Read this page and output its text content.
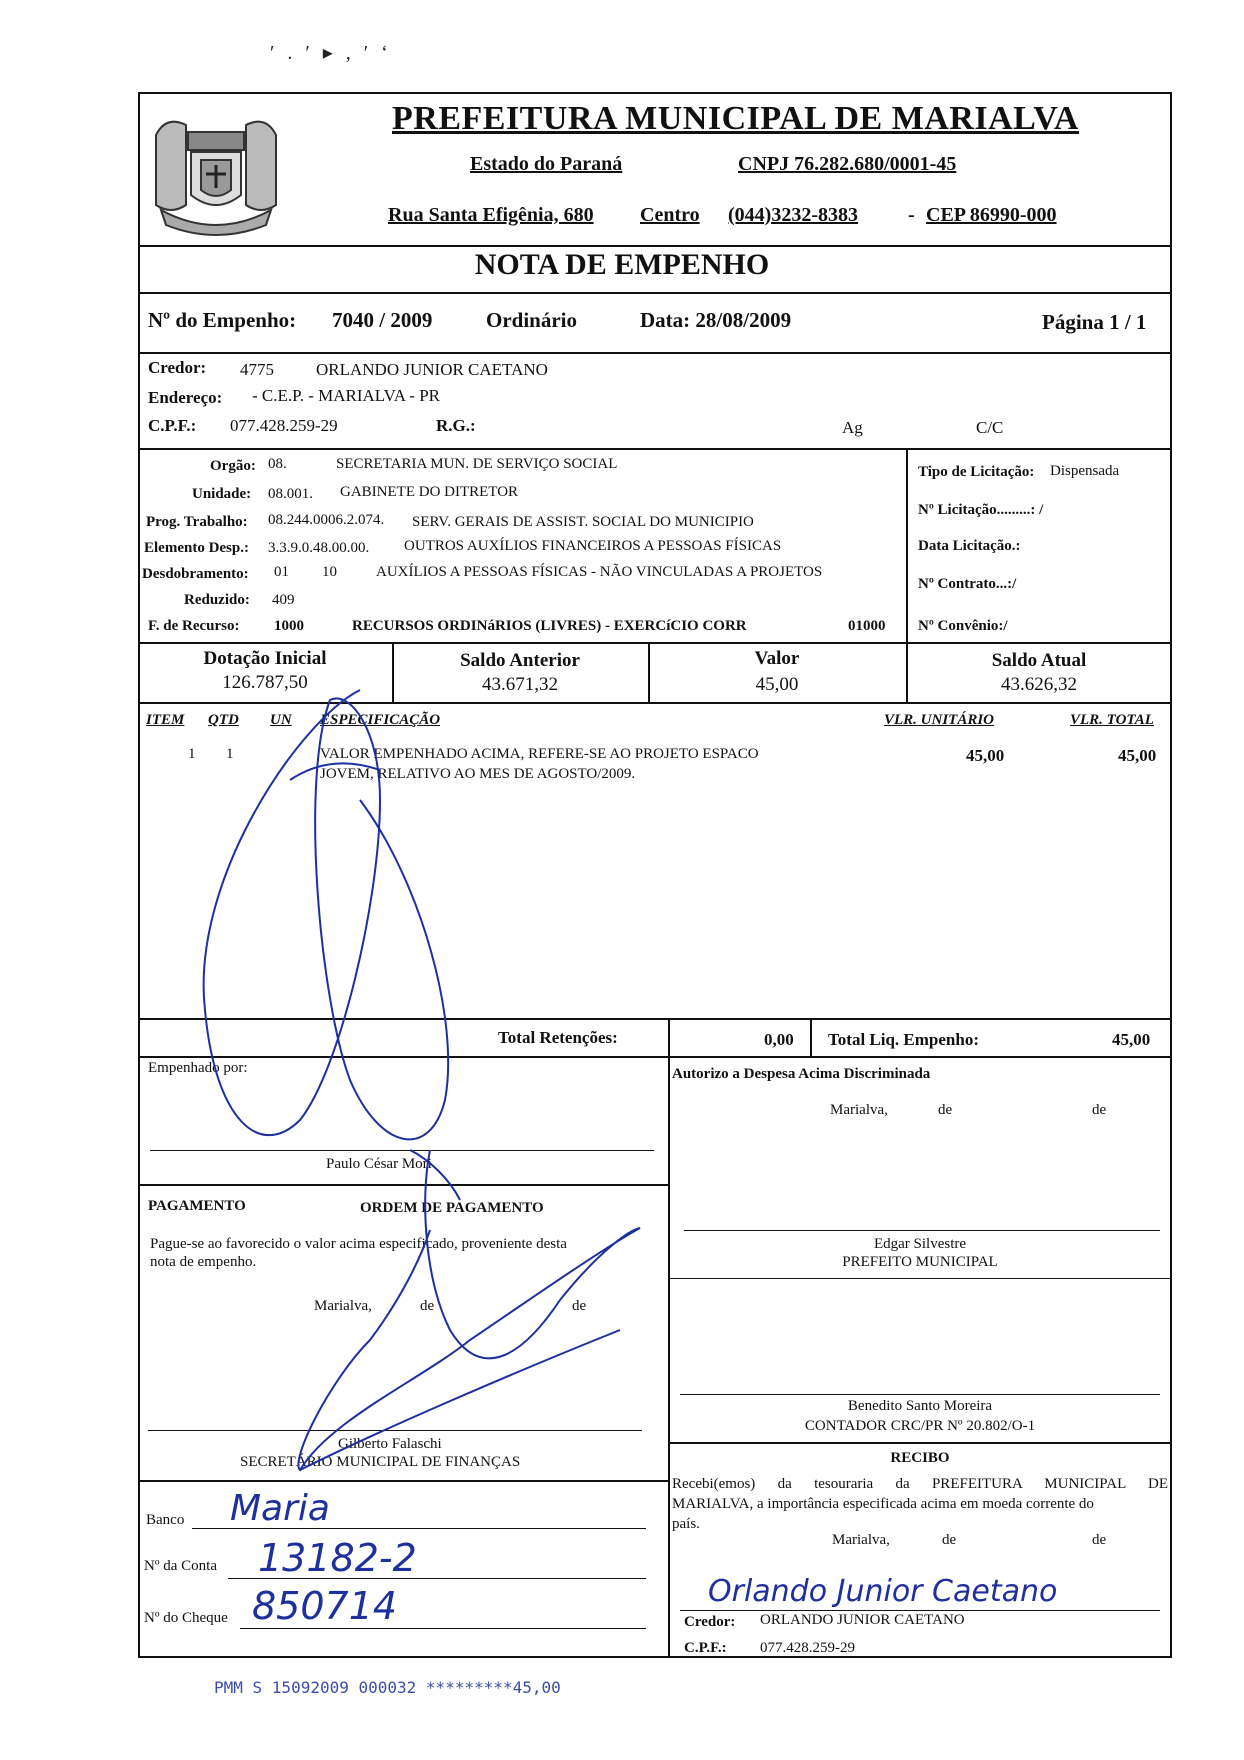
′ . ′ ▸ , ′ ‘
PREFEITURA MUNICIPAL DE MARIALVA
Estado do Paraná	CNPJ 76.282.680/0001-45
Rua Santa Efigênia, 680 Centro (044)3232-8383	- CEP 86990-000
NOTA DE EMPENHO
Nº do Empenho: 7040 / 2009	Ordinário	Data: 28/08/2009	Página 1 / 1
Credor: 4775 ORLANDO JUNIOR CAETANO
Endereço: - C.E.P. - MARIALVA - PR
C.P.F.: 077.428.259-29	R.G.:	Ag	C/C
Orgão: 08.	SECRETARIA MUN. DE SERVIÇO SOCIAL
Unidade: 08.001. GABINETE DO DITRETOR
Prog. Trabalho: 08.244.0006.2.074. SERV. GERAIS DE ASSIST. SOCIAL DO MUNICIPIO
Elemento Desp.: 3.3.9.0.48.00.00. OUTROS AUXÍLIOS FINANCEIROS A PESSOAS FÍSICAS
Desdobramento: 01 10	AUXÍLIOS A PESSOAS FÍSICAS - NÃO VINCULADAS A PROJETOS
Reduzido: 409
F. de Recurso: 1000	RECURSOS ORDINáRIOS (LIVRES) - EXERCíCIO CORR	01000
Tipo de Licitação: Dispensada
Nº Licitação.........: /
Data Licitação.:
Nº Contrato...:/
Nº Convênio:/
Dotação Inicial
126.787,50
Saldo Anterior
43.671,32
Valor
45,00
Saldo Atual
43.626,32
ITEM QTD UN ESPECIFICAÇÃO	VLR. UNITÁRIO	VLR. TOTAL
1 1	VALOR EMPENHADO ACIMA, REFERE-SE AO PROJETO ESPACO
JOVEM, RELATIVO AO MES DE AGOSTO/2009.
45,00	45,00
Total Retenções:	0,00 Total Liq. Empenho:	45,00
Empenhado por:
Paulo César Mori
Autorizo a Despesa Acima Discriminada
Marialva,	de	de
Edgar Silvestre
PREFEITO MUNICIPAL
Benedito Santo Moreira
CONTADOR CRC/PR Nº 20.802/O-1
PAGAMENTO	ORDEM DE PAGAMENTO
Pague-se ao favorecido o valor acima especificado, proveniente desta
nota de empenho.
Marialva,	de	de
Gilberto Falaschi
SECRETÁRIO MUNICIPAL DE FINANÇAS
Banco Maria
Nº da Conta 13182-2
Nº do Cheque 850714
RECIBO
Recebi(emos) da tesouraria da PREFEITURA MUNICIPAL DE
MARIALVA, a importância especificada acima em moeda corrente do
país.
Marialva,	de	de
Orlando Junior Caetano
Credor: ORLANDO JUNIOR CAETANO
C.P.F.: 077.428.259-29
PMM S 15092009 000032 *********45,00
